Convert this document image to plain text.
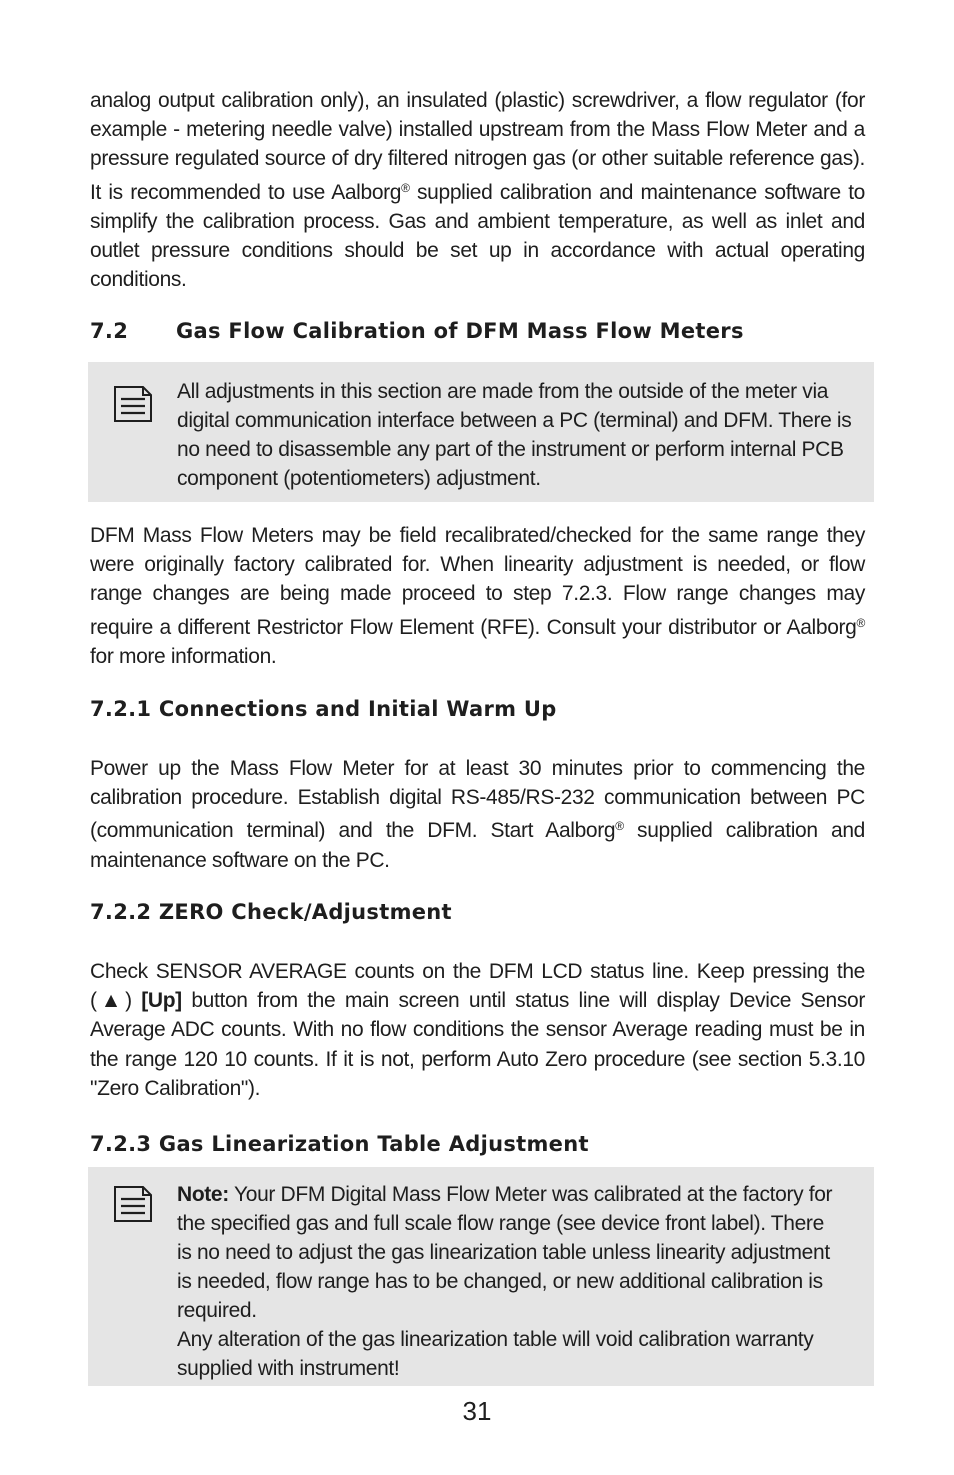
analog output calibration only), an insulated (plastic) screwdriver, a flow regulator (for example - metering needle valve) installed upstream from the Mass Flow Meter and a pressure regulated source of dry filtered nitrogen gas (or other suitable reference gas). It is recommended to use Aalborg® supplied calibration and maintenance software to simplify the calibration process. Gas and ambient temperature, as well as inlet and outlet pressure conditions should be set up in accordance with actual operating conditions.

7.2 Gas Flow Calibration of DFM Mass Flow Meters
All adjustments in this section are made from the outside of the meter via digital communication interface between a PC (terminal) and DFM. There is no need to disassemble any part of the instrument or perform internal PCB component (potentiometers) adjustment.

DFM Mass Flow Meters may be field recalibrated/checked for the same range they were originally factory calibrated for. When linearity adjustment is needed, or flow range changes are being made proceed to step 7.2.3. Flow range changes may require a different Restrictor Flow Element (RFE). Consult your distributor or Aalborg® for more information.

7.2.1 Connections and Initial Warm Up

Power up the Mass Flow Meter for at least 30 minutes prior to commencing the calibration procedure. Establish digital RS-485/RS-232 communication between PC (communication terminal) and the DFM. Start Aalborg® supplied calibration and maintenance software on the PC.

7.2.2 ZERO Check/Adjustment

Check SENSOR AVERAGE counts on the DFM LCD status line. Keep pressing the (▲) [Up] button from the main screen until status line will display Device Sensor Average ADC counts. With no flow conditions the sensor Average reading must be in the range 120 10 counts. If it is not, perform Auto Zero procedure (see section 5.3.10 "Zero Calibration").

7.2.3 Gas Linearization Table Adjustment
Note: Your DFM Digital Mass Flow Meter was calibrated at the factory for the specified gas and full scale flow range (see device front label). There is no need to adjust the gas linearization table unless linearity adjustment is needed, flow range has to be changed, or new additional calibration is required.
Any alteration of the gas linearization table will void calibration warranty supplied with instrument!
31
